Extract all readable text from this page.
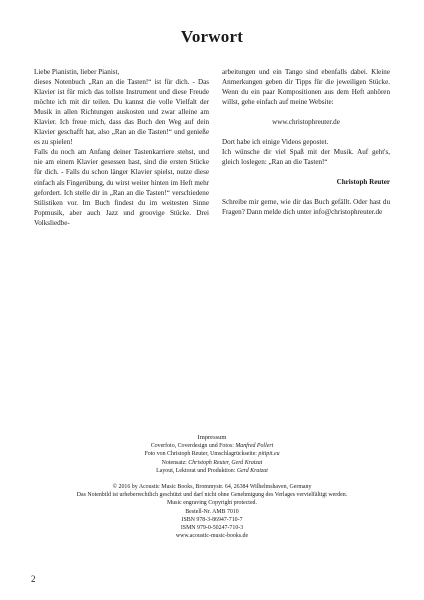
Vorwort

Liebe Pianistin, lieber Pianist,

dieses Notenbuch „Ran an die Tasten!“ ist für dich. - Das Klavier ist für mich das tollste Instrument und diese Freude möchte ich mit dir teilen. Du kannst die volle Vielfalt der Musik in allen Richtungen auskosten und zwar alleine am Klavier. Ich freue mich, dass das Buch den Weg auf dein Klavier geschafft hat, also „Ran an die Tasten!“ und genieße es zu spielen!

Falls du noch am Anfang deiner Tastenkarriere stehst, und nie am einem Klavier gesessen hast, sind die ersten Stücke für dich. - Falls du schon länger Klavier spielst, nutze diese einfach als Fingerübung, du wirst weiter hinten im Heft mehr gefordert. Ich stelle dir in „Ran an die Tasten!“ verschiedene Stilistiken vor. Im Buch findest du im weitesten Sinne Popmusik, aber auch Jazz und groovige Stücke. Drei Volksliedbe-

arbeitungen und ein Tango sind ebenfalls dabei. Kleine Anmerkungen geben dir Tipps für die jeweiligen Stücke. Wenn du ein paar Kompositionen aus dem Heft anhören willst, gehe einfach auf meine Website:

www.christophreuter.de

Dort habe ich einige Videos gepostet.

Ich wünsche dir viel Spaß mit der Musik. Auf geht's, gleich loslegen: „Ran an die Tasten!“

Christoph Reuter

Schreibe mir gerne, wie dir das Buch gefällt. Oder hast du Fragen? Dann melde dich unter info@christophreuter.de

Impressum
Coverfoto, Coverdesign und Fotos: Manfred Pollert
Foto von Christoph Reuter, Umschlagrückseite: pitipit.eu
Notensatz: Christoph Reuter, Gerd Kratzat
Layout, Lektorat und Produktion: Gerd Kratzat
© 2016 by Acoustic Music Books, Brommystr. 64, 26384 Wilhelmshaven, Germany
Das Notenbild ist urheberrechtlich geschützt und darf nicht ohne Genehmigung des Verlages vervielfältigt werden.
Music engraving Copyright protected.
Bestell-Nr. AMB 7010
ISBN 978-3-86947-710-7
ISMN 979-0-50247-710-3
www.acoustic-music-books.de
2
